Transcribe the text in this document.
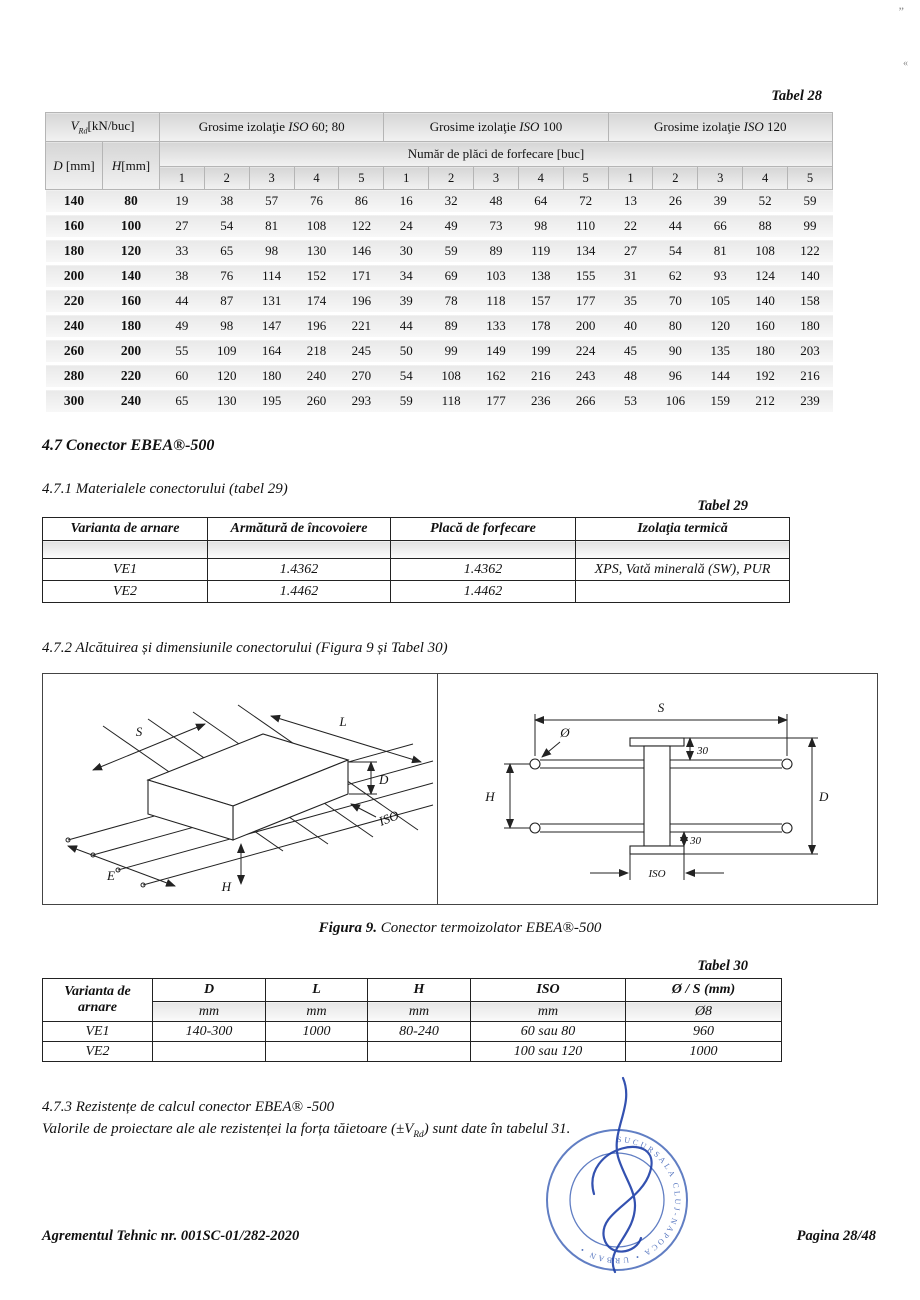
”
«
Tabel 28
$V_{Rd}[kN/buc]$		Grosime izolaţie ISO 60; 80					Grosime izolaţie ISO 100					Grosime izolaţie ISO 120				
D [mm]	H[mm]	Număr de plăci de forfecare [buc]														
		1	2	3	4	5	1	2	3	4	5	1	2	3	4	5
140	80	19	38	57	76	86	16	32	48	64	72	13	26	39	52	59
160	100	27	54	81	108	122	24	49	73	98	110	22	44	66	88	99
180	120	33	65	98	130	146	30	59	89	119	134	27	54	81	108	122
200	140	38	76	114	152	171	34	69	103	138	155	31	62	93	124	140
220	160	44	87	131	174	196	39	78	118	157	177	35	70	105	140	158
240	180	49	98	147	196	221	44	89	133	178	200	40	80	120	160	180
260	200	55	109	164	218	245	50	99	149	199	224	45	90	135	180	203
280	220	60	120	180	240	270	54	108	162	216	243	48	96	144	192	216
300	240	65	130	195	260	293	59	118	177	236	266	53	106	159	212	239
4.7 Conector EBEA®-500
4.7.1 Materialele conectorului (tabel 29)
Tabel 29
Varianta de arnare	Armătură de încovoiere	Placă de forfecare	Izolaţia termică

VE1	1.4362	1.4362	XPS, Vată minerală (SW), PUR
VE2	1.4462	1.4462	
4.7.2 Alcătuirea și dimensiunile conectorului (Figura 9 și Tabel 30)
S
L
E
H
D
ISO
S
Ø
30
H	D
30
ISO
Figura 9. Conector termoizolator EBEA®-500
Tabel 30
Varianta de arnare	D	L	H	ISO	Ø / S (mm)
	mm	mm	mm	mm	Ø8
VE1	140-300	1000	80-240	60 sau 80	960
VE2				100 sau 120	1000
4.7.3 Rezistențe de calcul conector EBEA® -500
Valorile de proiectare ale ale rezistenței la forța tăietoare $(\pm V_{Rd})$ sunt date în tabelul 31.
SUCURSALA CLUJ-NAPOCA • URBAN •
Agrementul Tehnic nr. 001SC-01/282-2020	Pagina 28/48
